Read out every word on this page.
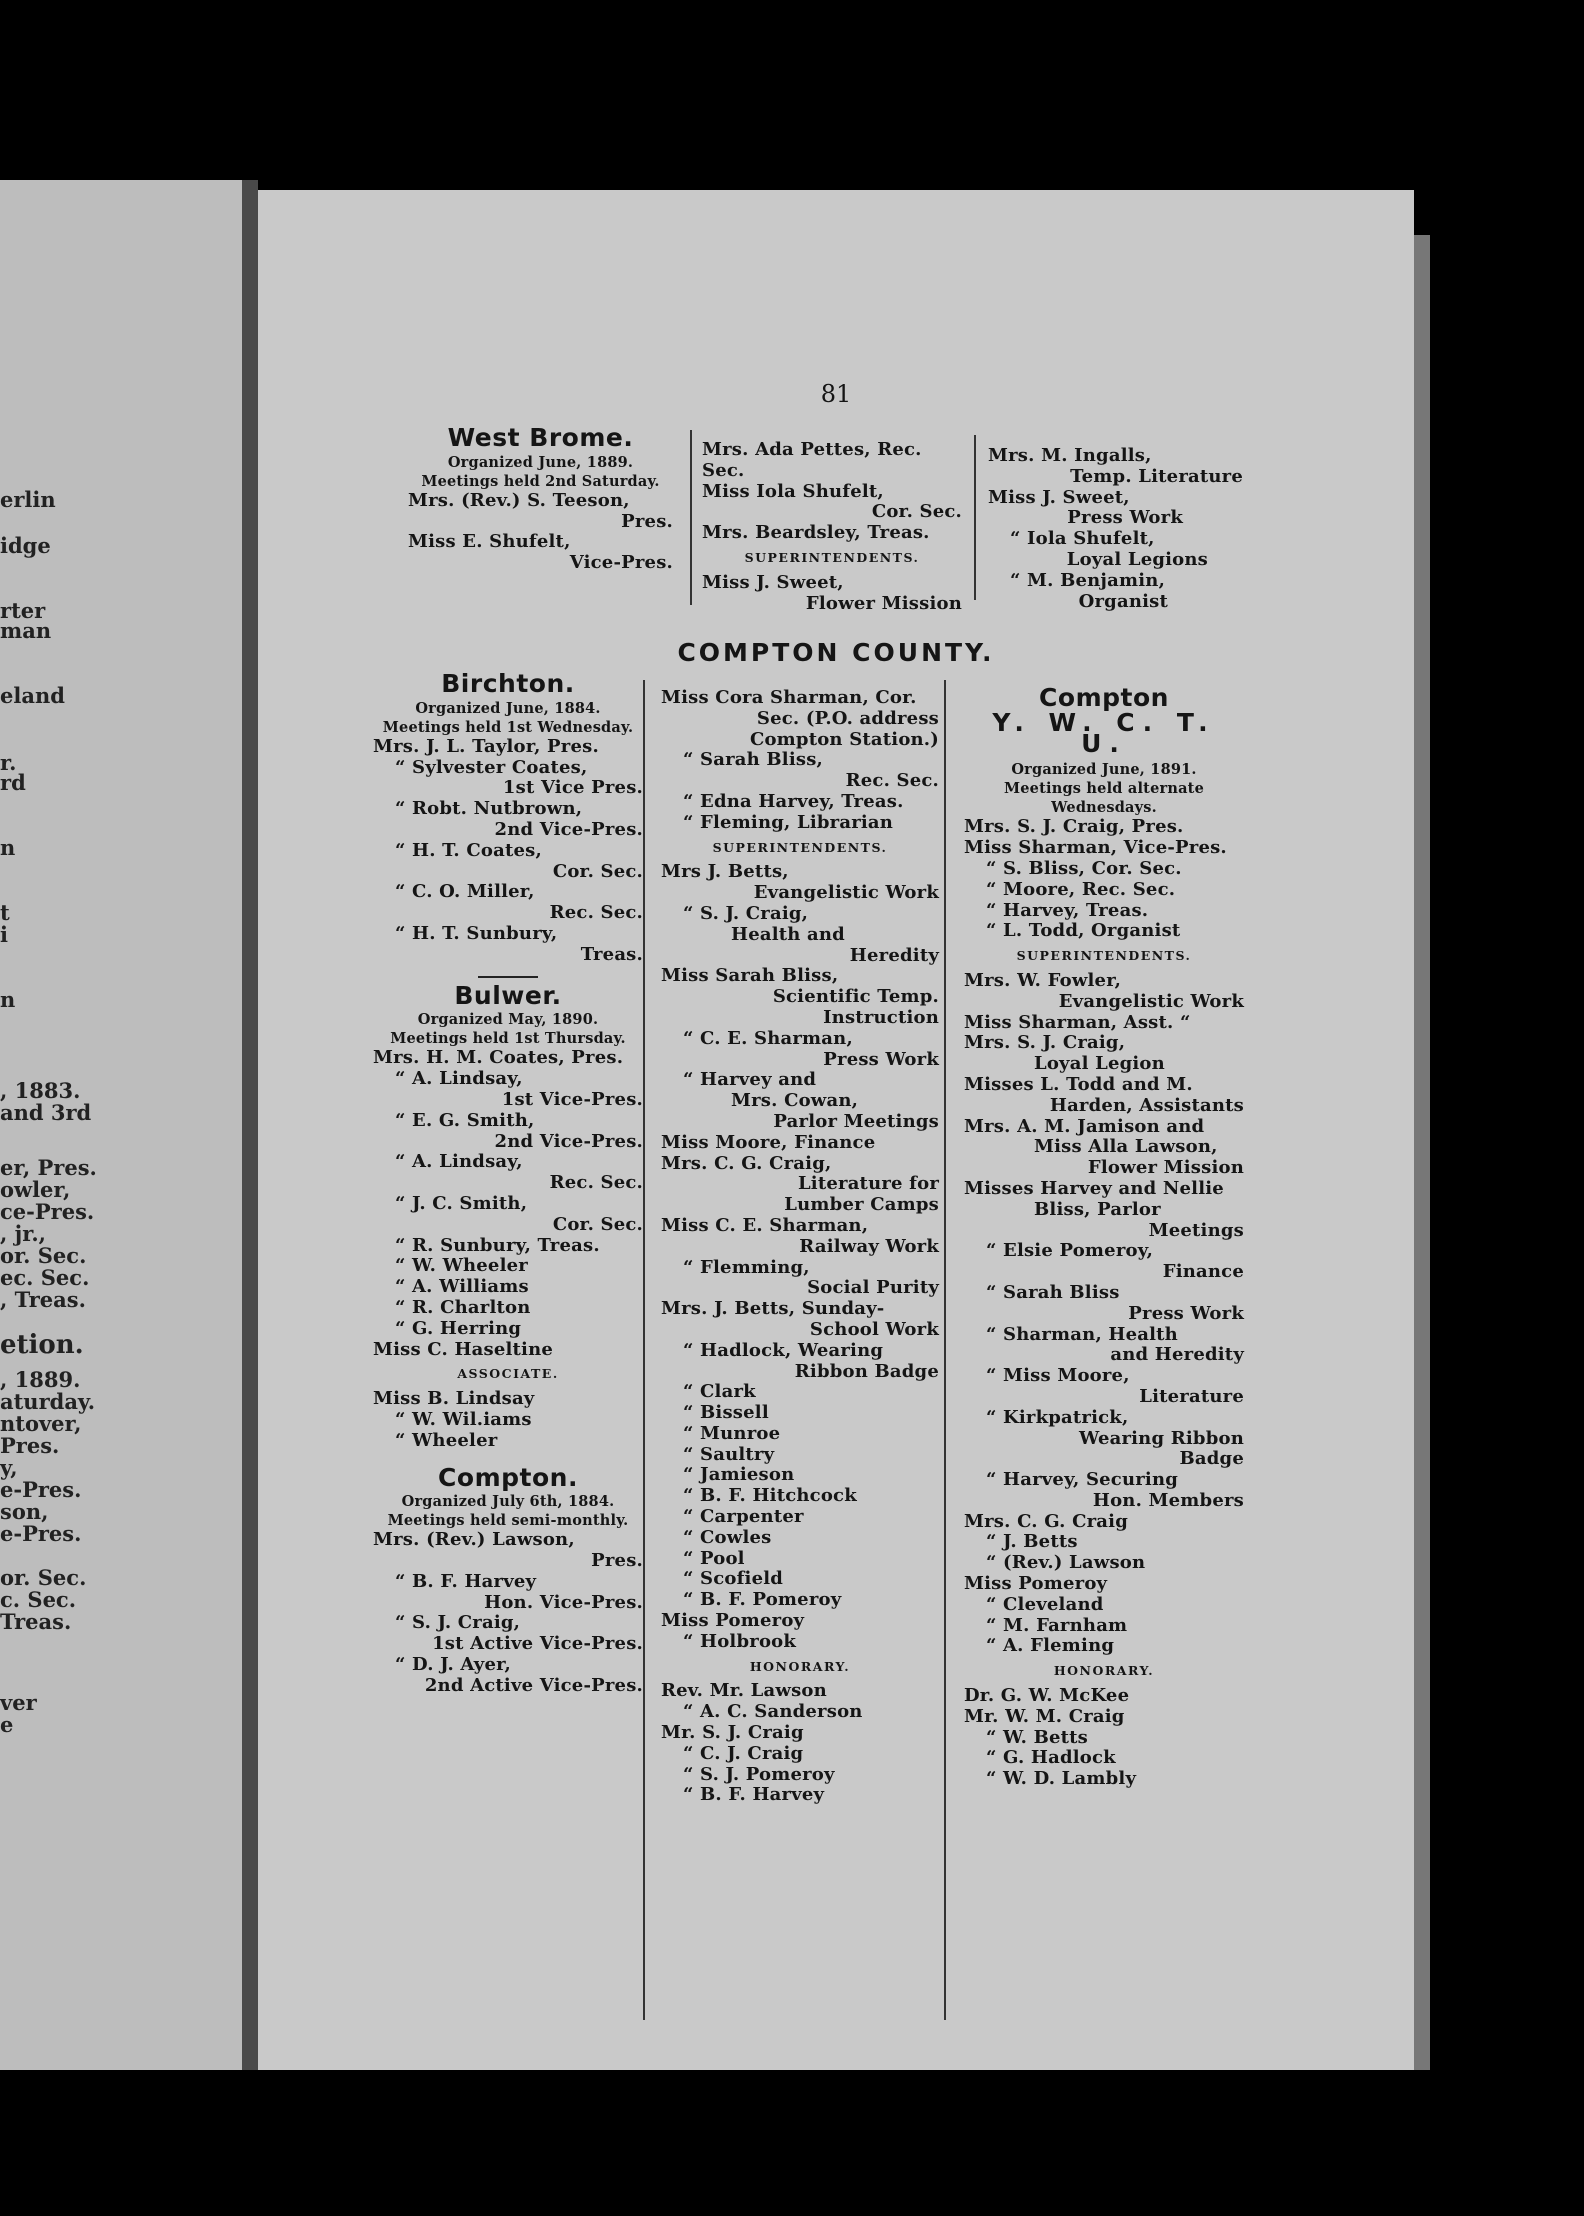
erlin
idge
rter
man
eland
r.
rd
n
t
i
n
, 1883.
and 3rd
er, Pres.
owler,
ce-Pres.
, jr.,
or. Sec.
ec. Sec.
, Treas.
etion.
, 1889.
aturday.
ntover,
Pres.
y,
e-Pres.
son,
e-Pres.
or. Sec.
c. Sec.
Treas.
ver
e
81
West Brome.
Organized June, 1889.
Meetings held 2nd Saturday.
Mrs. (Rev.) S. Teeson,
Pres.
Miss E. Shufelt,
Vice-Pres.
Mrs. Ada Pettes, Rec. Sec.
Miss Iola Shufelt,
Cor. Sec.
Mrs. Beardsley, Treas.
SUPERINTENDENTS.
Miss J. Sweet,
Flower Mission
Mrs. M. Ingalls,
Temp. Literature
Miss J. Sweet,
Press Work
“ Iola Shufelt,
Loyal Legions
“ M. Benjamin,
Organist
COMPTON COUNTY.
Birchton.
Organized June, 1884.
Meetings held 1st Wednesday.
Mrs. J. L. Taylor, Pres.
“ Sylvester Coates,
1st Vice Pres.
“ Robt. Nutbrown,
2nd Vice-Pres.
“ H. T. Coates,
Cor. Sec.
“ C. O. Miller,
Rec. Sec.
“ H. T. Sunbury,
Treas.
Bulwer.
Organized May, 1890.
Meetings held 1st Thursday.
Mrs. H. M. Coates, Pres.
“ A. Lindsay,
1st Vice-Pres.
“ E. G. Smith,
2nd Vice-Pres.
“ A. Lindsay,
Rec. Sec.
“ J. C. Smith,
Cor. Sec.
“ R. Sunbury, Treas.
“ W. Wheeler
“ A. Williams
“ R. Charlton
“ G. Herring
Miss C. Haseltine
ASSOCIATE.
Miss B. Lindsay
“ W. Wil.iams
“ Wheeler
Compton.
Organized July 6th, 1884.
Meetings held semi-monthly.
Mrs. (Rev.) Lawson,
Pres.
“ B. F. Harvey
Hon. Vice-Pres.
“ S. J. Craig,
1st Active Vice-Pres.
“ D. J. Ayer,
2nd Active Vice-Pres.
Miss Cora Sharman, Cor.
Sec. (P.O. address
Compton Station.)
“ Sarah Bliss,
Rec. Sec.
“ Edna Harvey, Treas.
“ Fleming, Librarian
SUPERINTENDENTS.
Mrs J. Betts,
Evangelistic Work
“ S. J. Craig,
Health and
Heredity
Miss Sarah Bliss,
Scientific Temp.
Instruction
“ C. E. Sharman,
Press Work
“ Harvey and
Mrs. Cowan,
Parlor Meetings
Miss Moore, Finance
Mrs. C. G. Craig,
Literature for
Lumber Camps
Miss C. E. Sharman,
Railway Work
“ Flemming,
Social Purity
Mrs. J. Betts, Sunday-
School Work
“ Hadlock, Wearing
Ribbon Badge
“ Clark
“ Bissell
“ Munroe
“ Saultry
“ Jamieson
“ B. F. Hitchcock
“ Carpenter
“ Cowles
“ Pool
“ Scofield
“ B. F. Pomeroy
Miss Pomeroy
“ Holbrook
HONORARY.
Rev. Mr. Lawson
“ A. C. Sanderson
Mr. S. J. Craig
“ C. J. Craig
“ S. J. Pomeroy
“ B. F. Harvey
Compton
Y. W. C. T. U.
Organized June, 1891.
Meetings held alternate
Wednesdays.
Mrs. S. J. Craig, Pres.
Miss Sharman, Vice-Pres.
“ S. Bliss, Cor. Sec.
“ Moore, Rec. Sec.
“ Harvey, Treas.
“ L. Todd, Organist
SUPERINTENDENTS.
Mrs. W. Fowler,
Evangelistic Work
Miss Sharman, Asst. “
Mrs. S. J. Craig,
Loyal Legion
Misses L. Todd and M.
Harden, Assistants
Mrs. A. M. Jamison and
Miss Alla Lawson,
Flower Mission
Misses Harvey and Nellie
Bliss, Parlor
Meetings
“ Elsie Pomeroy,
Finance
“ Sarah Bliss
Press Work
“ Sharman, Health
and Heredity
“ Miss Moore,
Literature
“ Kirkpatrick,
Wearing Ribbon
Badge
“ Harvey, Securing
Hon. Members
Mrs. C. G. Craig
“ J. Betts
“ (Rev.) Lawson
Miss Pomeroy
“ Cleveland
“ M. Farnham
“ A. Fleming
HONORARY.
Dr. G. W. McKee
Mr. W. M. Craig
“ W. Betts
“ G. Hadlock
“ W. D. Lambly
